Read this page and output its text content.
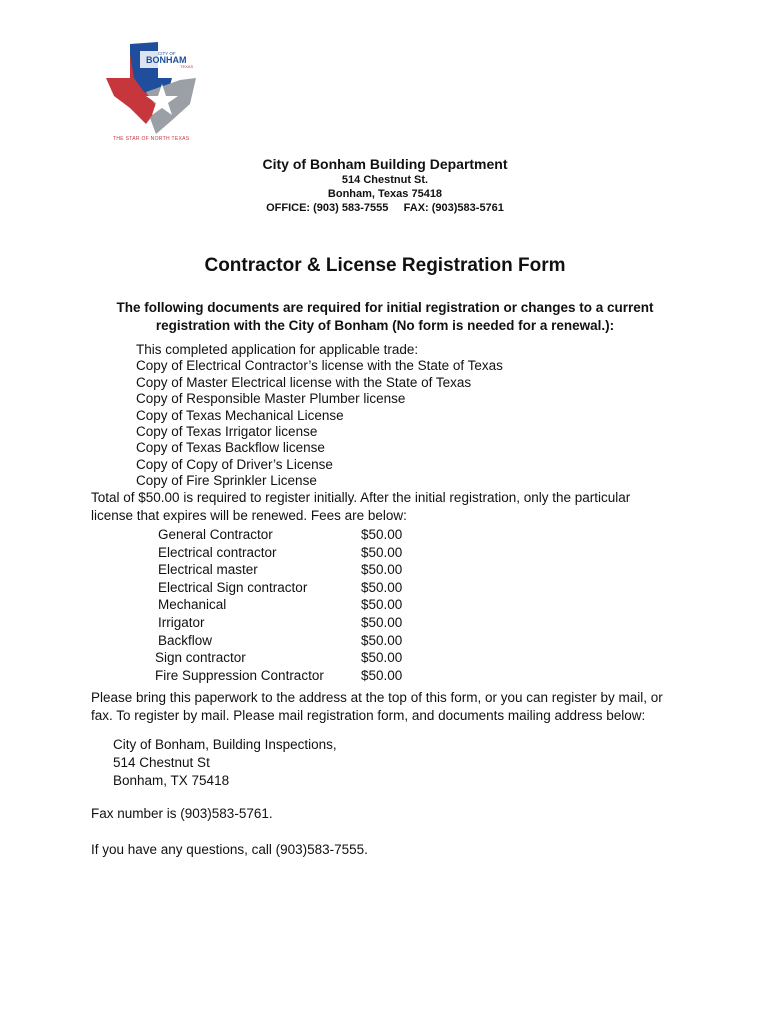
CITY OF
BONHAM
TEXAS
THE STAR OF NORTH TEXAS
City of Bonham Building Department
514 Chestnut St.
Bonham, Texas 75418
OFFICE: (903) 583-7555     FAX: (903)583-5761
Contractor & License Registration Form
The following documents are required for initial registration or changes to a current
registration with the City of Bonham (No form is needed for a renewal.):
This completed application for applicable trade:
Copy of Electrical Contractor’s license with the State of Texas
Copy of Master Electrical license with the State of Texas
Copy of Responsible Master Plumber license
Copy of Texas Mechanical License
Copy of Texas Irrigator license
Copy of Texas Backflow license
Copy of Copy of Driver’s License
Copy of Fire Sprinkler License
Total of $50.00 is required to register initially. After the initial registration, only the particular
license that expires will be renewed. Fees are below:
General Contractor	$50.00
Electrical contractor	$50.00
Electrical master	$50.00
Electrical Sign contractor	$50.00
Mechanical	$50.00
Irrigator	$50.00
Backflow	$50.00
Sign contractor	$50.00
Fire Suppression Contractor	$50.00
Please bring this paperwork to the address at the top of this form, or you can register by mail, or
fax. To register by mail. Please mail registration form, and documents mailing address below:
City of Bonham, Building Inspections,
514 Chestnut St
Bonham, TX 75418
Fax number is (903)583-5761.
If you have any questions, call (903)583-7555.
